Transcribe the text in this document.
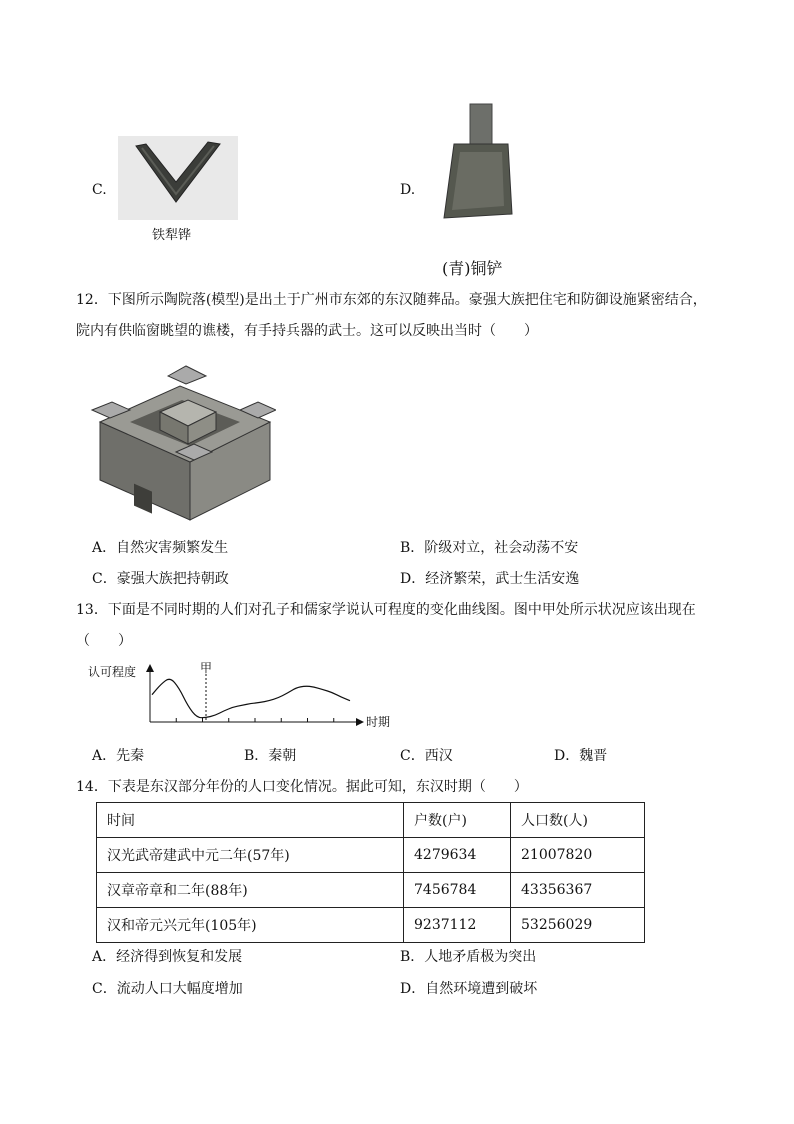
C.
铁犁铧
D.
(青)铜铲
12．下图所示陶院落(模型)是出土于广州市东郊的东汉随葬品。豪强大族把住宅和防御设施紧密结合，
院内有供临窗眺望的谯楼，有手持兵器的武士。这可以反映出当时（　　）
A．自然灾害频繁发生	B．阶级对立，社会动荡不安
C．豪强大族把持朝政	D．经济繁荣，武士生活安逸
13．下面是不同时期的人们对孔子和儒家学说认可程度的变化曲线图。图中甲处所示状况应该出现在
（　　）
认可程度	甲
时期
A．先秦	B．秦朝	C．西汉	D．魏晋
14．下表是东汉部分年份的人口变化情况。据此可知，东汉时期（　　）
时间	户数(户)	人口数(人)
汉光武帝建武中元二年(57年)	4279634	21007820
汉章帝章和二年(88年)	7456784	43356367
汉和帝元兴元年(105年)	9237112	53256029
A．经济得到恢复和发展	B．人地矛盾极为突出
C．流动人口大幅度增加	D．自然环境遭到破坏
